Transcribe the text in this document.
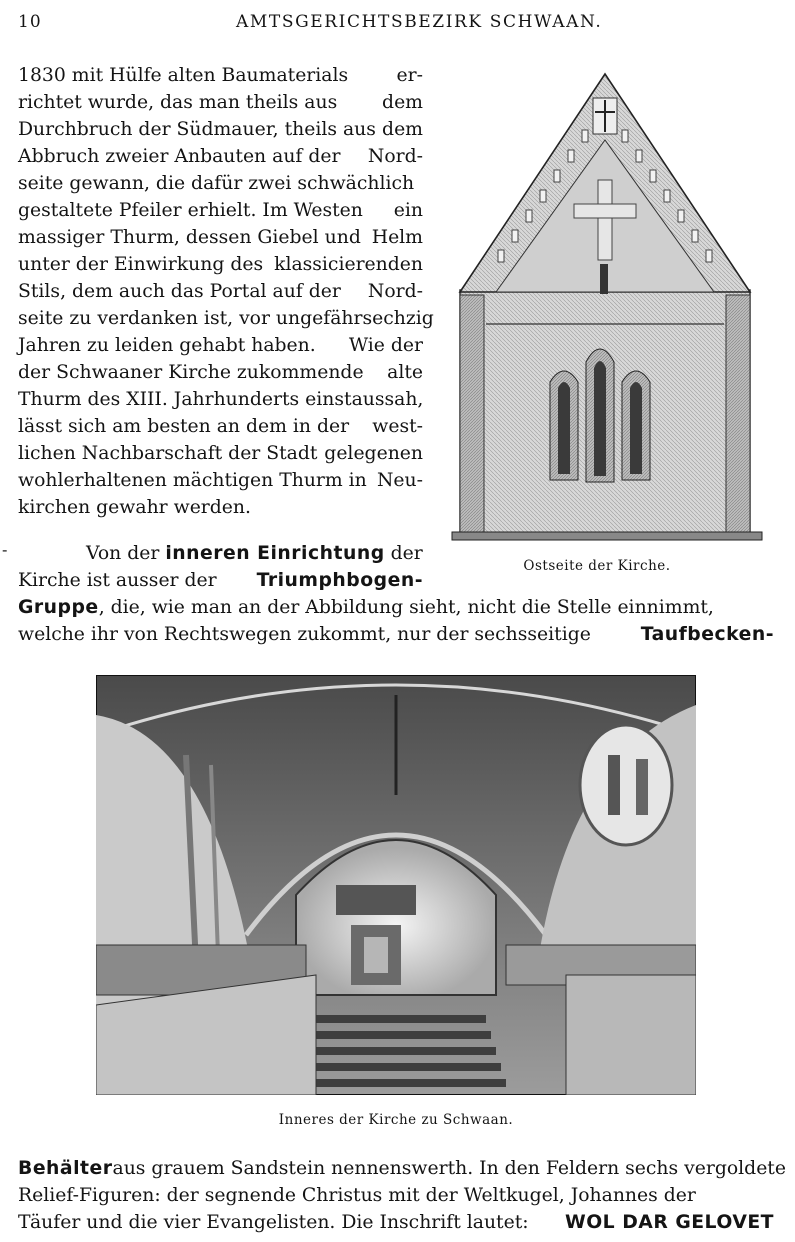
10	AMTSGERICHTSBEZIRK SCHWAAN.
1830 mit Hülfe alten Baumaterials	er-
richtet wurde, das man theils aus dem
Durchbruch der Südmauer, theils aus dem
Abbruch zweier Anbauten auf der Nord-
seite gewann, die dafür zwei schwächlich
gestaltete Pfeiler erhielt. Im Westen ein
massiger Thurm, dessen Giebel und Helm
unter der Einwirkung des klassicierenden
Stils, dem auch das Portal auf der Nord-
seite zu verdanken ist, vor ungefähr sechzig
Jahren zu leiden gehabt haben. Wie der
der Schwaaner Kirche zukommende alte
Thurm des XIII. Jahrhunderts einst aussah,
lässt sich am besten an dem in der west-
lichen Nachbarschaft der Stadt gelegenen
wohlerhaltenen mächtigen Thurm in Neu-
kirchen gewahr werden.
Ostseite der Kirche.
-	Von der
inneren Einrichtung
der
Kirche ist ausser der Triumphbogen-
Gruppe , die, wie man an der Abbildung sieht, nicht die Stelle einnimmt,
welche ihr von Rechtswegen zukommt, nur der sechsseitige	Taufbecken-
Inneres der Kirche zu Schwaan.
Behälter aus grauem Sandstein nennenswerth. In den Feldern sechs vergoldete
Relief-Figuren: der segnende Christus mit der Weltkugel, Johannes der
Täufer und die vier Evangelisten. Die Inschrift lautet: WOL DAR GELOVET
